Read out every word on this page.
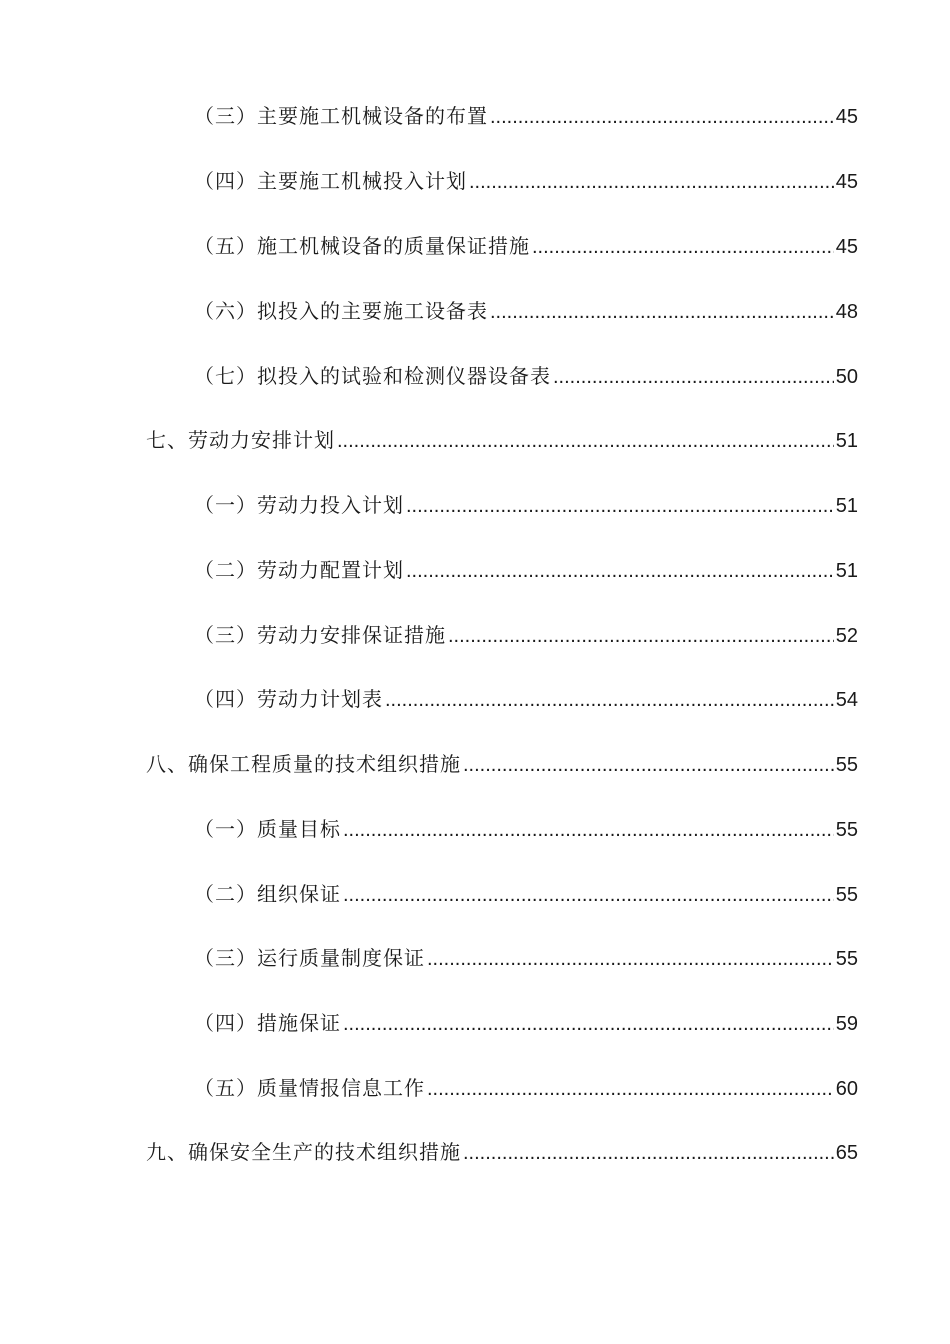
（三）主要施工机械设备的布置 .....	45
（四）主要施工机械投入计划 .....	45
（五）施工机械设备的质量保证措施 .....	45
（六）拟投入的主要施工设备表 .....	48
（七）拟投入的试验和检测仪器设备表 .....	50
七、劳动力安排计划 .....	51
（一）劳动力投入计划 .....	51
（二）劳动力配置计划 .....	51
（三）劳动力安排保证措施 .....	52
（四）劳动力计划表 .....	54
八、确保工程质量的技术组织措施 .....	55
（一）质量目标 .....	55
（二）组织保证 .....	55
（三）运行质量制度保证 .....	55
（四）措施保证 .....	59
（五）质量情报信息工作 .....	60
九、确保安全生产的技术组织措施 .....	65
